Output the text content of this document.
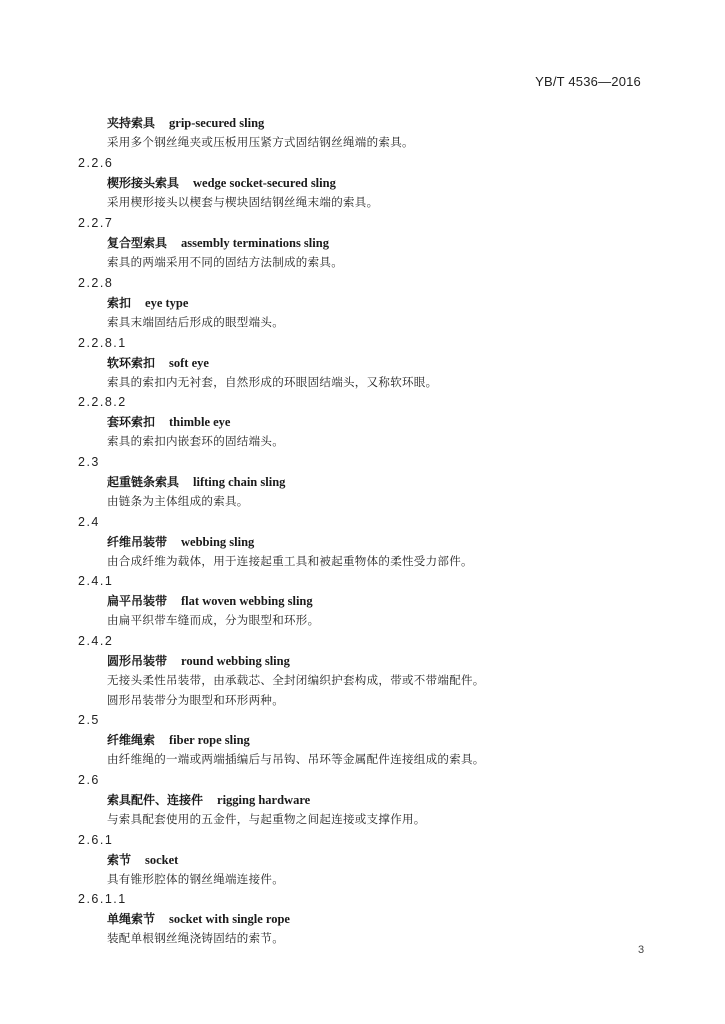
YB/T 4536—2016
夹持索具 grip-secured sling
采用多个钢丝绳夹或压板用压紧方式固结钢丝绳端的索具。
2.2.6
楔形接头索具 wedge socket-secured sling
采用楔形接头以楔套与楔块固结钢丝绳末端的索具。
2.2.7
复合型索具 assembly terminations sling
索具的两端采用不同的固结方法制成的索具。
2.2.8
索扣 eye type
索具末端固结后形成的眼型端头。
2.2.8.1
软环索扣 soft eye
索具的索扣内无衬套，自然形成的环眼固结端头，又称软环眼。
2.2.8.2
套环索扣 thimble eye
索具的索扣内嵌套环的固结端头。
2.3
起重链条索具 lifting chain sling
由链条为主体组成的索具。
2.4
纤维吊装带 webbing sling
由合成纤维为载体，用于连接起重工具和被起重物体的柔性受力部件。
2.4.1
扁平吊装带 flat woven webbing sling
由扁平织带车缝而成，分为眼型和环形。
2.4.2
圆形吊装带 round webbing sling
无接头柔性吊装带，由承载芯、全封闭编织护套构成，带或不带端配件。
圆形吊装带分为眼型和环形两种。
2.5
纤维绳索 fiber rope sling
由纤维绳的一端或两端插编后与吊钩、吊环等金属配件连接组成的索具。
2.6
索具配件、连接件 rigging hardware
与索具配套使用的五金件，与起重物之间起连接或支撑作用。
2.6.1
索节 socket
具有锥形腔体的钢丝绳端连接件。
2.6.1.1
单绳索节 socket with single rope
装配单根钢丝绳浇铸固结的索节。
3
